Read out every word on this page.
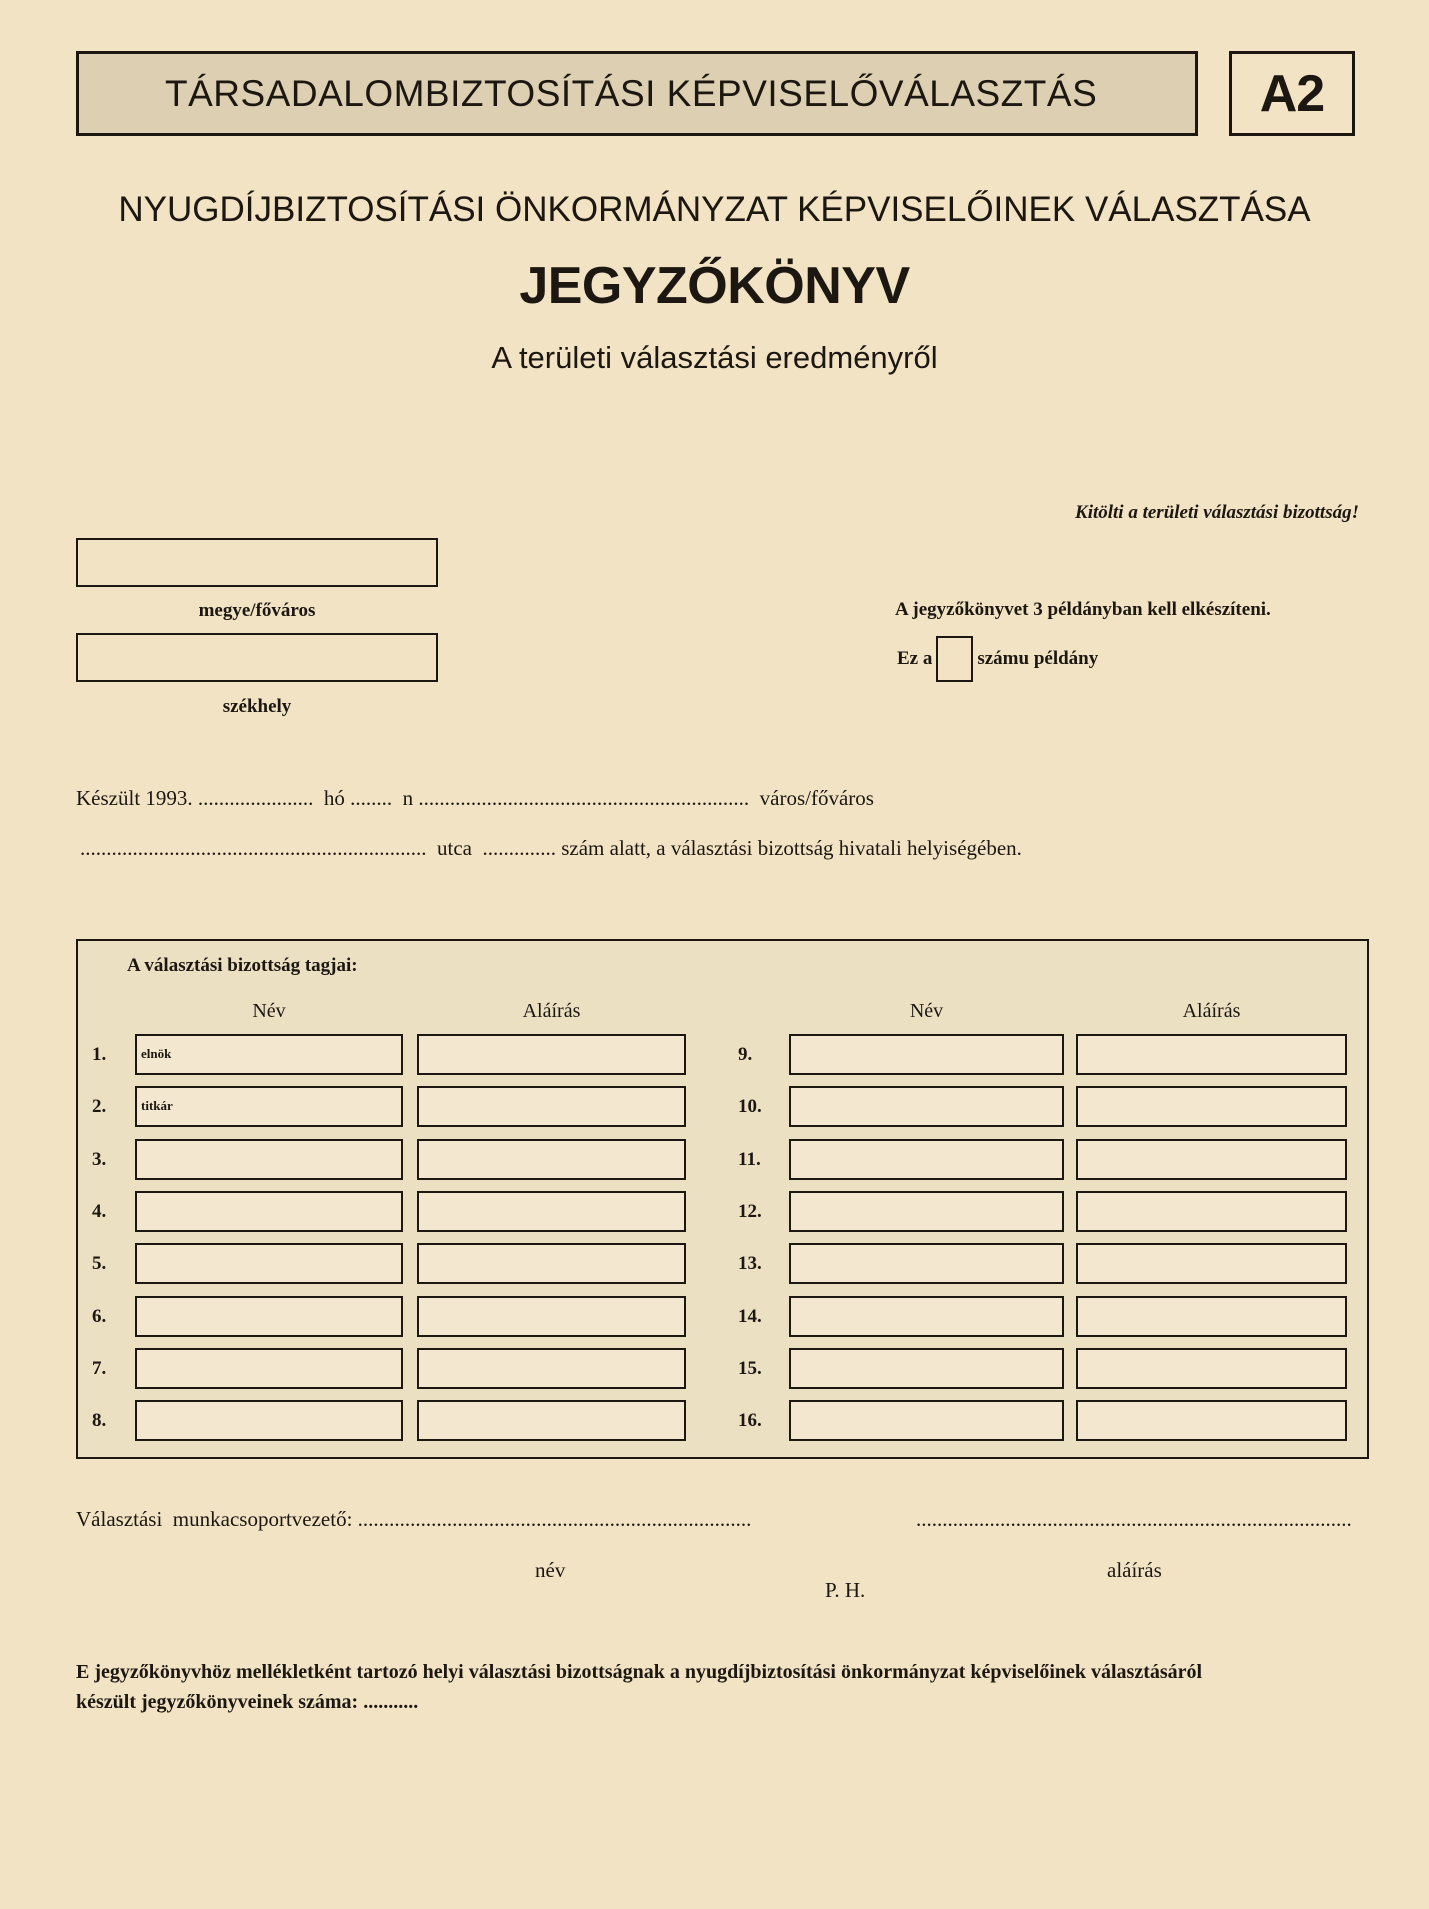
TÁRSADALOMBIZTOSÍTÁSI KÉPVISELŐVÁLASZTÁS	A2
NYUGDÍJBIZTOSÍTÁSI ÖNKORMÁNYZAT KÉPVISELŐINEK VÁLASZTÁSA
JEGYZŐKÖNYV
A területi választási eredményről
Kitölti a területi választási bizottság!
megye/főváros
székhely
A jegyzőkönyvet 3 példányban kell elkészíteni.
Ez a számu példány
Készült 1993. ...................... hó ........ n ............................................................... város/főváros
.................................................................. utca .............. szám alatt, a választási bizottság hivatali helyiségében.
A választási bizottság tagjai:
Név	Aláírás	Név	Aláírás
1.	elnök
2.	titkár
3.
4.
5.
6.
7.
8.
9.
10.
11.
12.
13.
14.
15.
16.
Választási  munkacsoportvezető: ...........................................................................	...................................................................................
név	aláírás
P. H.
E jegyzőkönyvhöz mellékletként tartozó helyi választási bizottságnak a nyugdíjbiztosítási önkormányzat képviselőinek választásáról
készült jegyzőkönyveinek száma: ...........
